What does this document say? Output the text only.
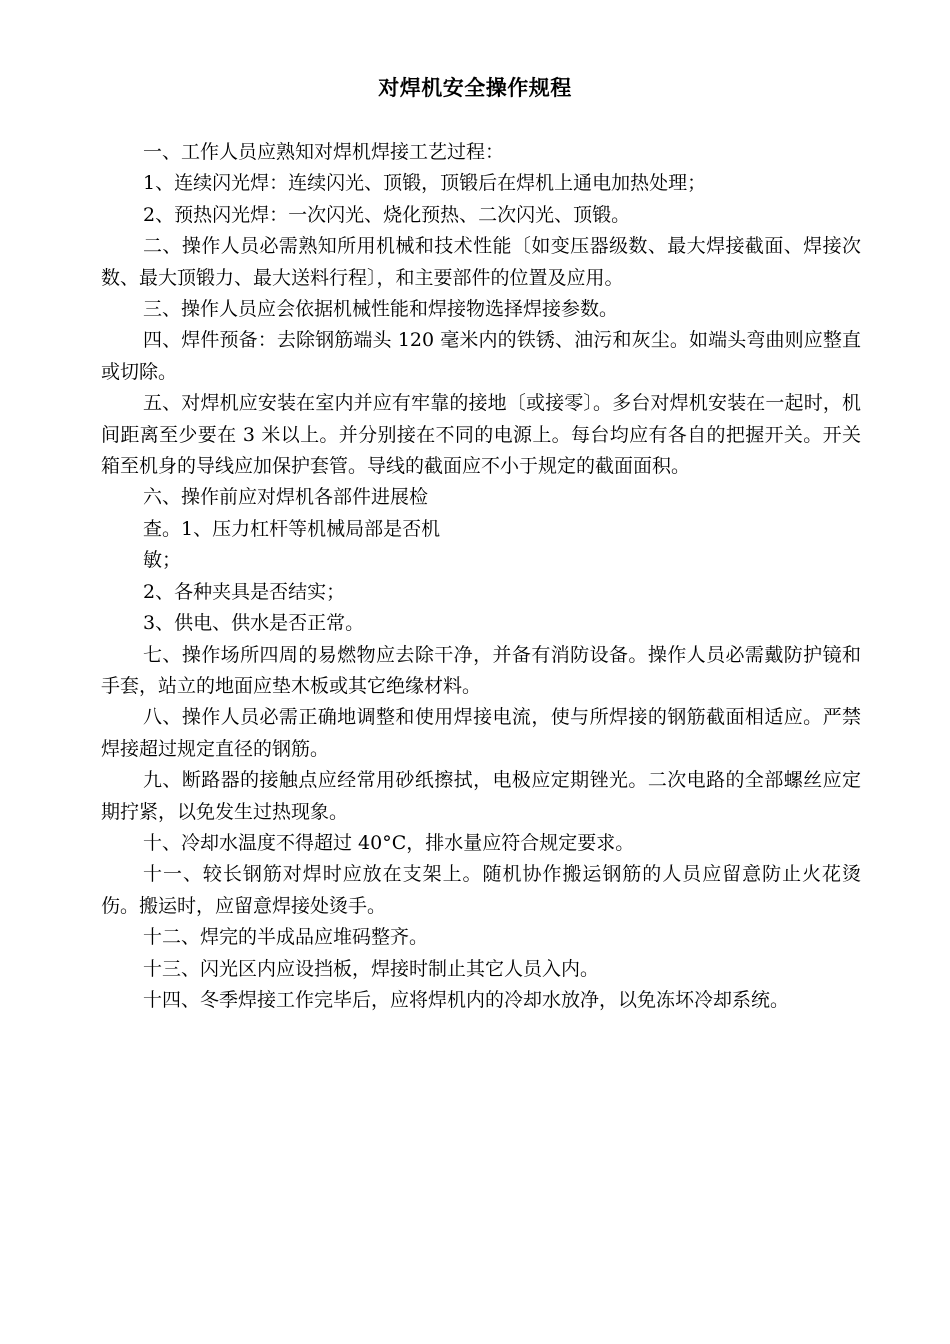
对焊机安全操作规程

一、工作人员应熟知对焊机焊接工艺过程：

1、连续闪光焊：连续闪光、顶锻，顶锻后在焊机上通电加热处理；

2、预热闪光焊：一次闪光、烧化预热、二次闪光、顶锻。

二、操作人员必需熟知所用机械和技术性能〔如变压器级数、最大焊接截面、焊接次数、最大顶锻力、最大送料行程〕，和主要部件的位置及应用。

三、操作人员应会依据机械性能和焊接物选择焊接参数。

四、焊件预备：去除钢筋端头 120 毫米内的铁锈、油污和灰尘。如端头弯曲则应整直或切除。

五、对焊机应安装在室内并应有牢靠的接地〔或接零〕。多台对焊机安装在一起时，机间距离至少要在 3 米以上。并分别接在不同的电源上。每台均应有各自的把握开关。开关箱至机身的导线应加保护套管。导线的截面应不小于规定的截面面积。

六、操作前应对焊机各部件进展检

查。1、压力杠杆等机械局部是否机

敏；

2、各种夹具是否结实；

3、供电、供水是否正常。

七、操作场所四周的易燃物应去除干净，并备有消防设备。操作人员必需戴防护镜和手套，站立的地面应垫木板或其它绝缘材料。

八、操作人员必需正确地调整和使用焊接电流，使与所焊接的钢筋截面相适应。严禁焊接超过规定直径的钢筋。

九、断路器的接触点应经常用砂纸擦拭，电极应定期锉光。二次电路的全部螺丝应定期拧紧，以免发生过热现象。

十、冷却水温度不得超过 40°C，排水量应符合规定要求。

十一、较长钢筋对焊时应放在支架上。随机协作搬运钢筋的人员应留意防止火花烫伤。搬运时，应留意焊接处烫手。

十二、焊完的半成品应堆码整齐。

十三、闪光区内应设挡板，焊接时制止其它人员入内。

十四、冬季焊接工作完毕后，应将焊机内的冷却水放净，以免冻坏冷却系统。
